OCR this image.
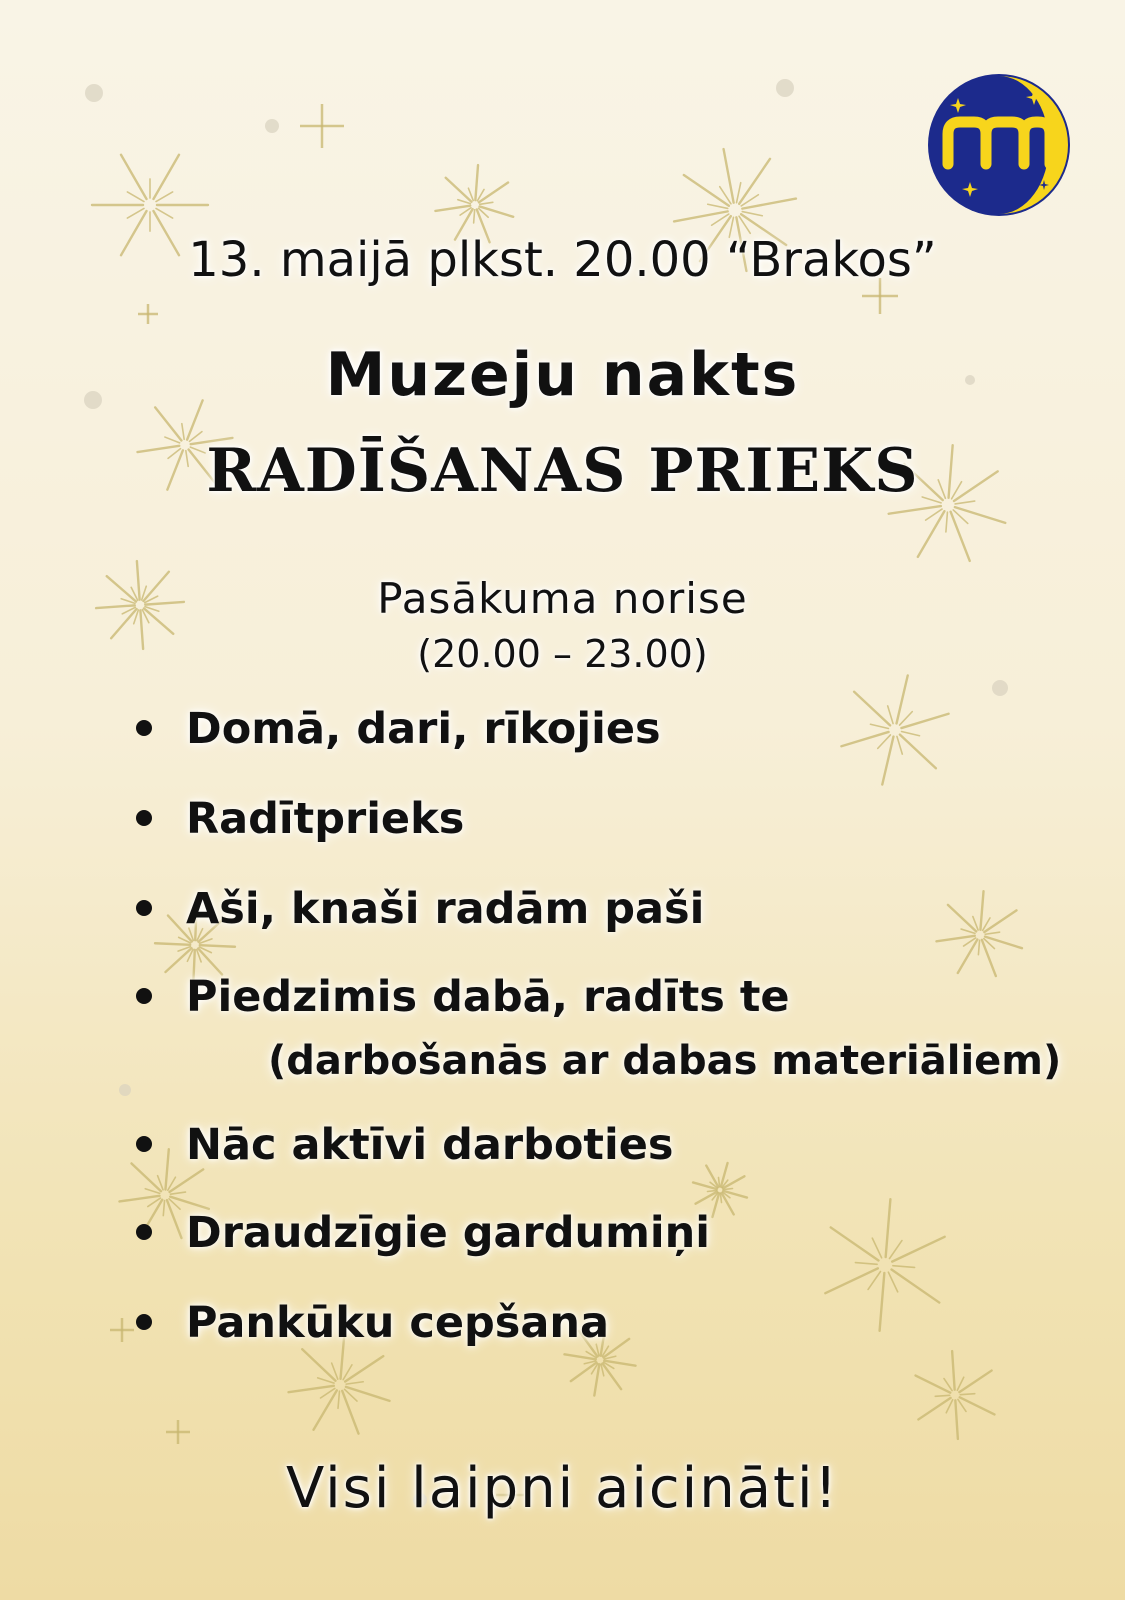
13. maijā plkst. 20.00 “Brakos”

Muzeju nakts

RADĪŠANAS PRIEKS

Pasākuma norise

(20.00 – 23.00)

Domā, dari, rīkojies

Radītprieks

Aši, knaši radām paši

Piedzimis dabā, radīts te

(darbošanās ar dabas materiāliem)

Nāc aktīvi darboties

Draudzīgie gardumiņi

Pankūku cepšana

Visi laipni aicināti!
